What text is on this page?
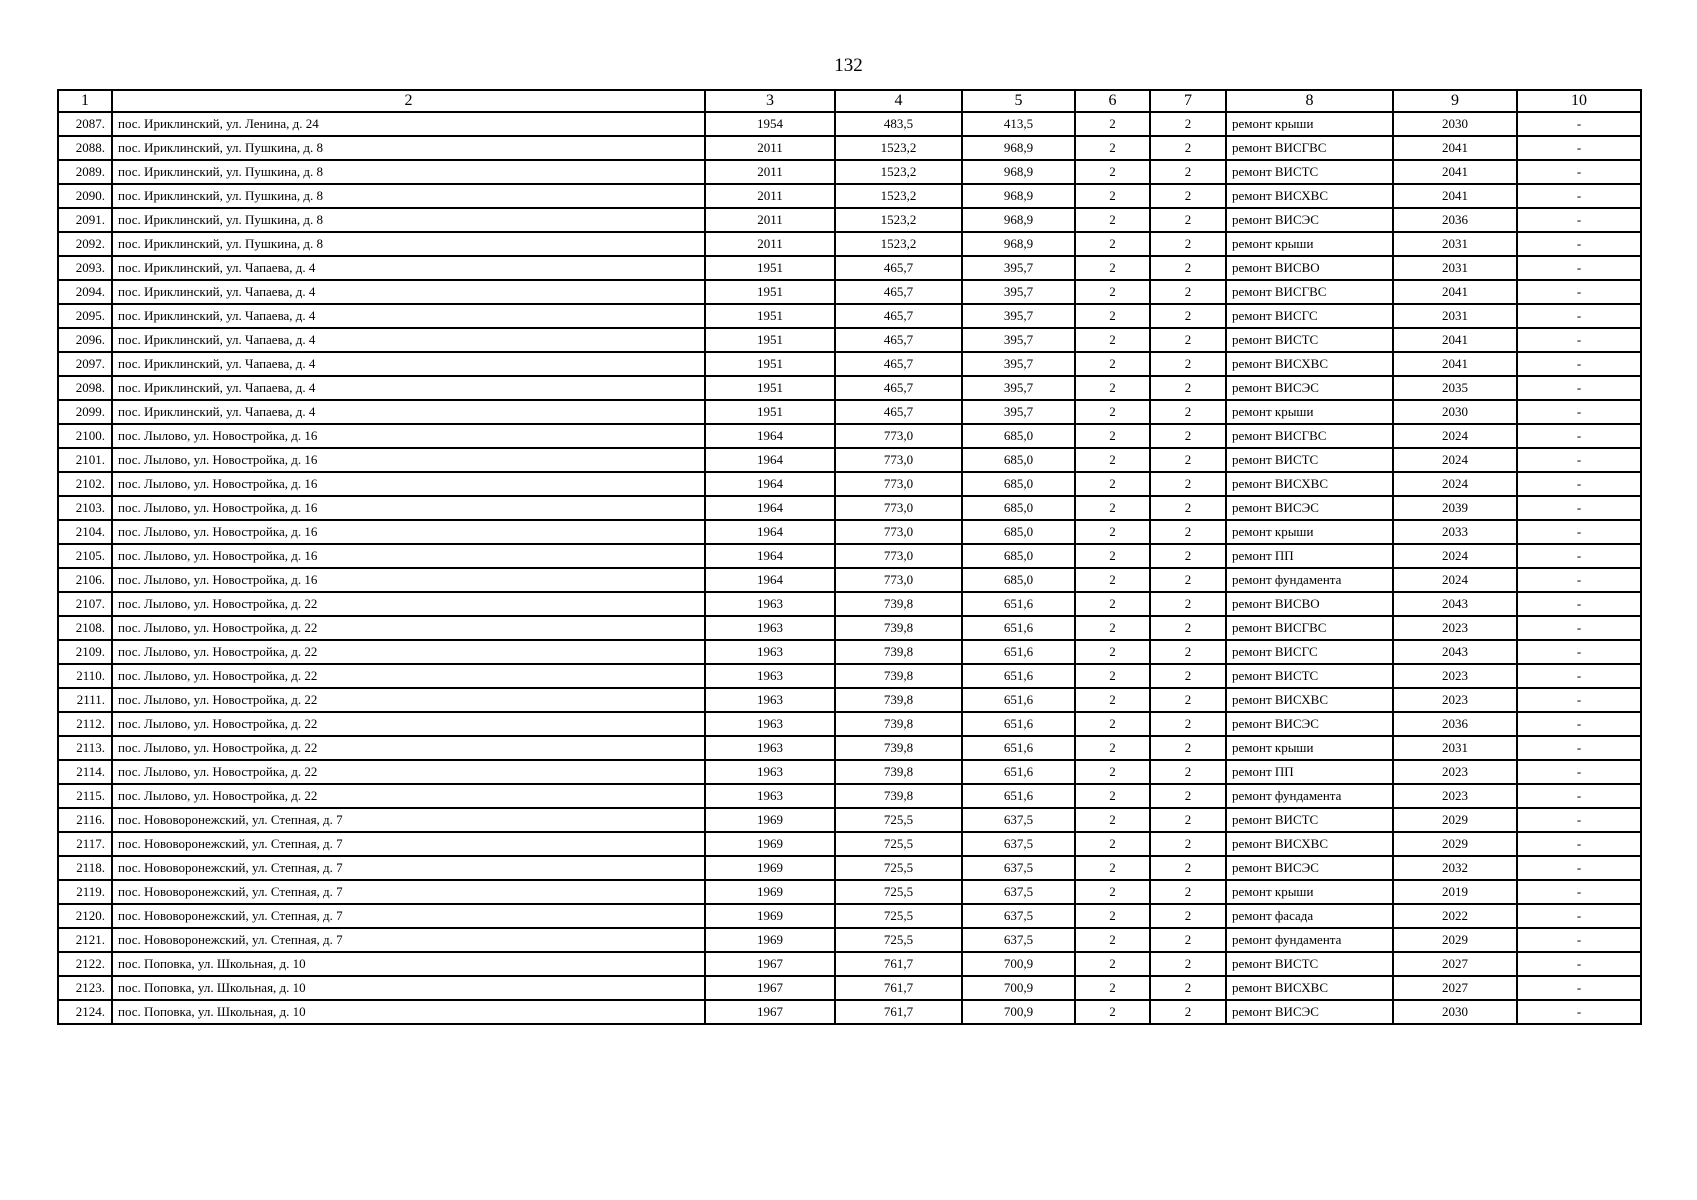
132
1	2	3	4	5	6	7	8	9	10
2087.	пос. Ириклинский, ул. Ленина, д. 24	1954	483,5	413,5	2	2	ремонт крыши	2030	-
2088.	пос. Ириклинский, ул. Пушкина, д. 8	2011	1523,2	968,9	2	2	ремонт ВИСГВС	2041	-
2089.	пос. Ириклинский, ул. Пушкина, д. 8	2011	1523,2	968,9	2	2	ремонт ВИСТС	2041	-
2090.	пос. Ириклинский, ул. Пушкина, д. 8	2011	1523,2	968,9	2	2	ремонт ВИСХВС	2041	-
2091.	пос. Ириклинский, ул. Пушкина, д. 8	2011	1523,2	968,9	2	2	ремонт ВИСЭС	2036	-
2092.	пос. Ириклинский, ул. Пушкина, д. 8	2011	1523,2	968,9	2	2	ремонт крыши	2031	-
2093.	пос. Ириклинский, ул. Чапаева, д. 4	1951	465,7	395,7	2	2	ремонт ВИСВО	2031	-
2094.	пос. Ириклинский, ул. Чапаева, д. 4	1951	465,7	395,7	2	2	ремонт ВИСГВС	2041	-
2095.	пос. Ириклинский, ул. Чапаева, д. 4	1951	465,7	395,7	2	2	ремонт ВИСГС	2031	-
2096.	пос. Ириклинский, ул. Чапаева, д. 4	1951	465,7	395,7	2	2	ремонт ВИСТС	2041	-
2097.	пос. Ириклинский, ул. Чапаева, д. 4	1951	465,7	395,7	2	2	ремонт ВИСХВС	2041	-
2098.	пос. Ириклинский, ул. Чапаева, д. 4	1951	465,7	395,7	2	2	ремонт ВИСЭС	2035	-
2099.	пос. Ириклинский, ул. Чапаева, д. 4	1951	465,7	395,7	2	2	ремонт крыши	2030	-
2100.	пос. Лылово, ул. Новостройка, д. 16	1964	773,0	685,0	2	2	ремонт ВИСГВС	2024	-
2101.	пос. Лылово, ул. Новостройка, д. 16	1964	773,0	685,0	2	2	ремонт ВИСТС	2024	-
2102.	пос. Лылово, ул. Новостройка, д. 16	1964	773,0	685,0	2	2	ремонт ВИСХВС	2024	-
2103.	пос. Лылово, ул. Новостройка, д. 16	1964	773,0	685,0	2	2	ремонт ВИСЭС	2039	-
2104.	пос. Лылово, ул. Новостройка, д. 16	1964	773,0	685,0	2	2	ремонт крыши	2033	-
2105.	пос. Лылово, ул. Новостройка, д. 16	1964	773,0	685,0	2	2	ремонт ПП	2024	-
2106.	пос. Лылово, ул. Новостройка, д. 16	1964	773,0	685,0	2	2	ремонт фундамента	2024	-
2107.	пос. Лылово, ул. Новостройка, д. 22	1963	739,8	651,6	2	2	ремонт ВИСВО	2043	-
2108.	пос. Лылово, ул. Новостройка, д. 22	1963	739,8	651,6	2	2	ремонт ВИСГВС	2023	-
2109.	пос. Лылово, ул. Новостройка, д. 22	1963	739,8	651,6	2	2	ремонт ВИСГС	2043	-
2110.	пос. Лылово, ул. Новостройка, д. 22	1963	739,8	651,6	2	2	ремонт ВИСТС	2023	-
2111.	пос. Лылово, ул. Новостройка, д. 22	1963	739,8	651,6	2	2	ремонт ВИСХВС	2023	-
2112.	пос. Лылово, ул. Новостройка, д. 22	1963	739,8	651,6	2	2	ремонт ВИСЭС	2036	-
2113.	пос. Лылово, ул. Новостройка, д. 22	1963	739,8	651,6	2	2	ремонт крыши	2031	-
2114.	пос. Лылово, ул. Новостройка, д. 22	1963	739,8	651,6	2	2	ремонт ПП	2023	-
2115.	пос. Лылово, ул. Новостройка, д. 22	1963	739,8	651,6	2	2	ремонт фундамента	2023	-
2116.	пос. Нововоронежский, ул. Степная, д. 7	1969	725,5	637,5	2	2	ремонт ВИСТС	2029	-
2117.	пос. Нововоронежский, ул. Степная, д. 7	1969	725,5	637,5	2	2	ремонт ВИСХВС	2029	-
2118.	пос. Нововоронежский, ул. Степная, д. 7	1969	725,5	637,5	2	2	ремонт ВИСЭС	2032	-
2119.	пос. Нововоронежский, ул. Степная, д. 7	1969	725,5	637,5	2	2	ремонт крыши	2019	-
2120.	пос. Нововоронежский, ул. Степная, д. 7	1969	725,5	637,5	2	2	ремонт фасада	2022	-
2121.	пос. Нововоронежский, ул. Степная, д. 7	1969	725,5	637,5	2	2	ремонт фундамента	2029	-
2122.	пос. Поповка, ул. Школьная, д. 10	1967	761,7	700,9	2	2	ремонт ВИСТС	2027	-
2123.	пос. Поповка, ул. Школьная, д. 10	1967	761,7	700,9	2	2	ремонт ВИСХВС	2027	-
2124.	пос. Поповка, ул. Школьная, д. 10	1967	761,7	700,9	2	2	ремонт ВИСЭС	2030	-
